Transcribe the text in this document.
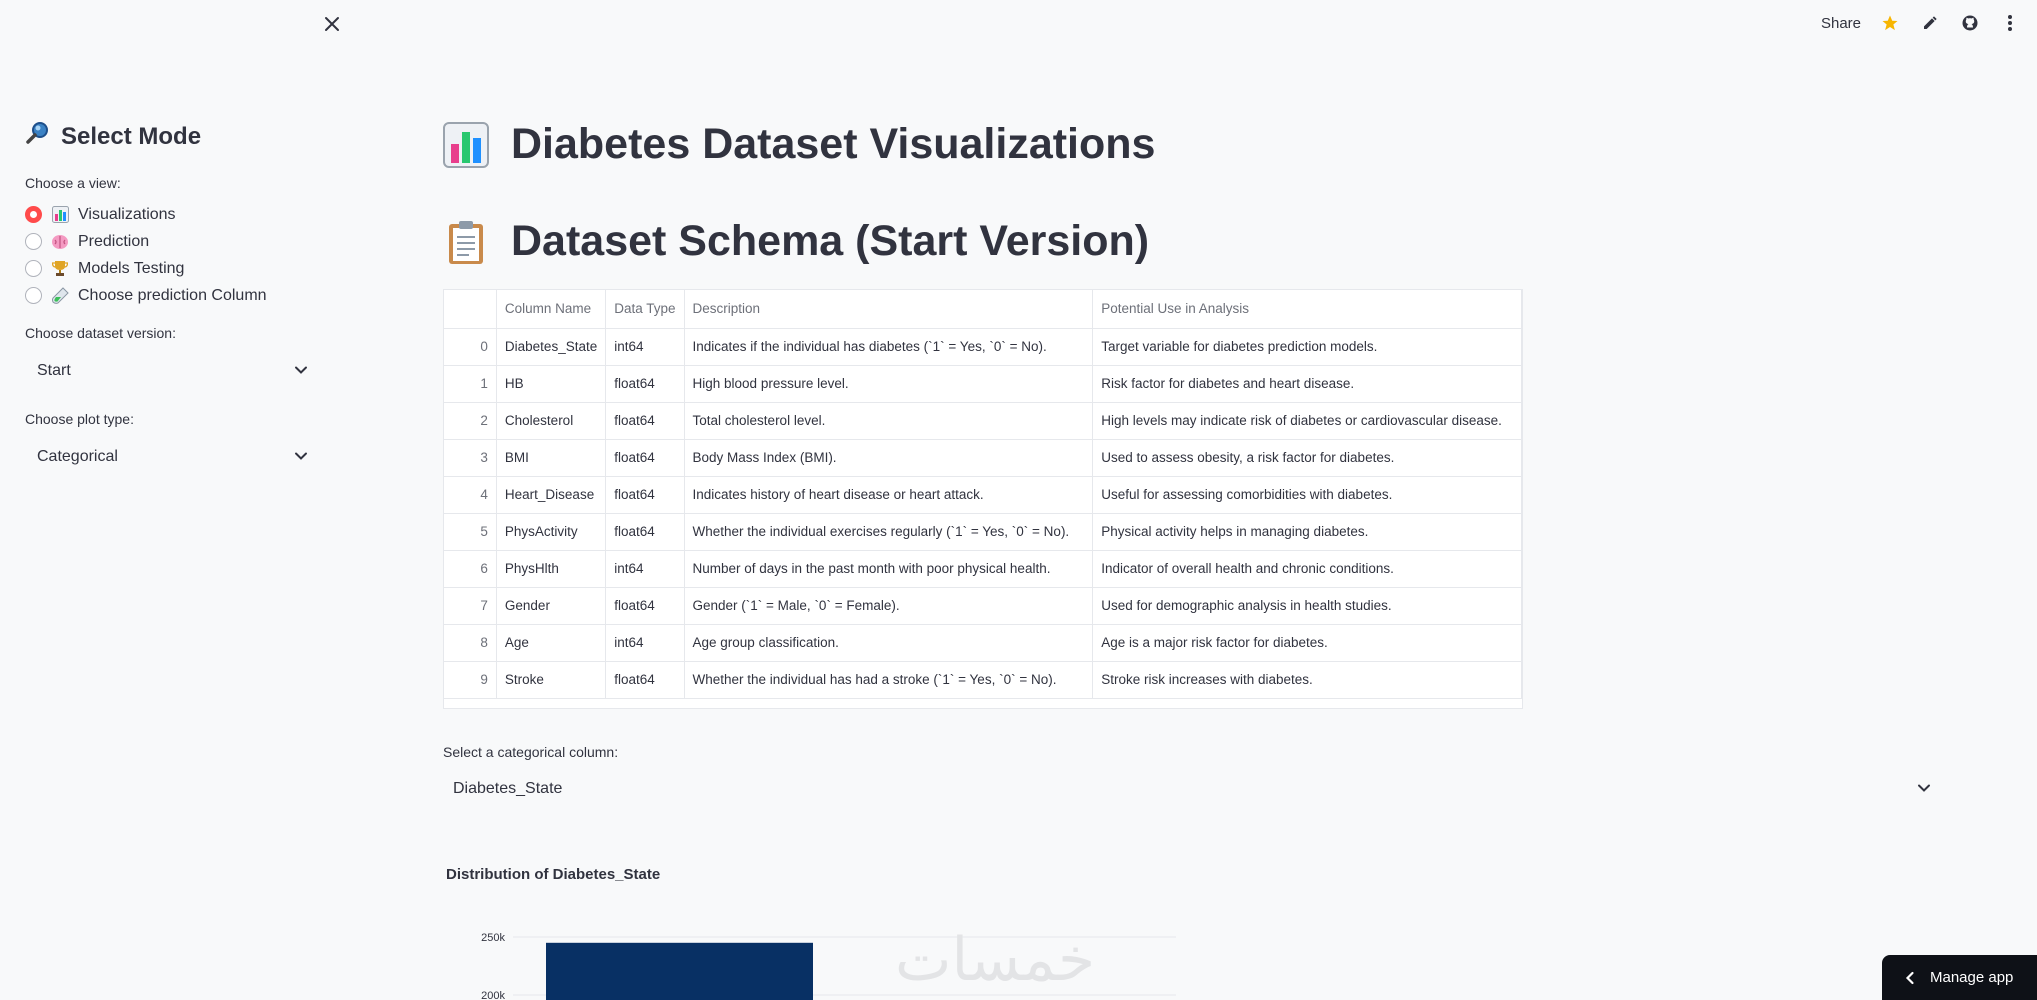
Share
Select Mode
Choose a view:
Visualizations
Prediction
Models Testing
Choose prediction Column
Choose dataset version:
Start
Choose plot type:
Categorical
Diabetes Dataset Visualizations
Dataset Schema (Start Version)
	Column Name	Data Type	Description	Potential Use in Analysis
0	Diabetes_State	int64	Indicates if the individual has diabetes (`1` = Yes, `0` = No).	Target variable for diabetes prediction models.
1	HB	float64	High blood pressure level.	Risk factor for diabetes and heart disease.
2	Cholesterol	float64	Total cholesterol level.	High levels may indicate risk of diabetes or cardiovascular disease.
3	BMI	float64	Body Mass Index (BMI).	Used to assess obesity, a risk factor for diabetes.
4	Heart_Disease	float64	Indicates history of heart disease or heart attack.	Useful for assessing comorbidities with diabetes.
5	PhysActivity	float64	Whether the individual exercises regularly (`1` = Yes, `0` = No).	Physical activity helps in managing diabetes.
6	PhysHlth	int64	Number of days in the past month with poor physical health.	Indicator of overall health and chronic conditions.
7	Gender	float64	Gender (`1` = Male, `0` = Female).	Used for demographic analysis in health studies.
8	Age	int64	Age group classification.	Age is a major risk factor for diabetes.
9	Stroke	float64	Whether the individual has had a stroke (`1` = Yes, `0` = No).	Stroke risk increases with diabetes.
Select a categorical column:
Diabetes_State
Distribution of Diabetes_State
250k
200k
خمسات	Manage app
